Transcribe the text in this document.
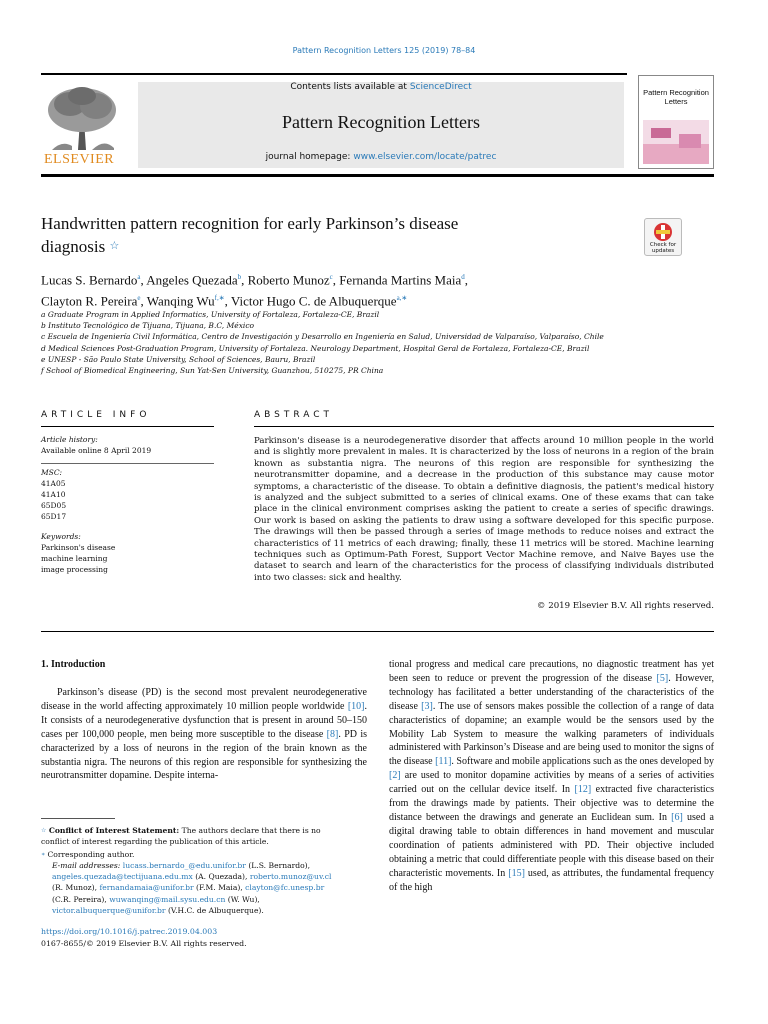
Pattern Recognition Letters 125 (2019) 78–84
ELSEVIER
Contents lists available at ScienceDirect
Pattern Recognition Letters
journal homepage: www.elsevier.com/locate/patrec
Pattern Recognition
Letters
Handwritten pattern recognition for early Parkinson’s disease
diagnosis ☆	Check for updates
Lucas S. Bernardo$^a$, Angeles Quezada$^b$, Roberto Munoz$^c$, Fernanda Martins Maia$^d$,
Clayton R. Pereira$^e$, Wanqing $Wu^{f,∗}$, Victor Hugo C. de Albuquerque$^{a,∗}$
a Graduate Program in Applied Informatics, University of Fortaleza, Fortaleza-CE, Brazil
b Instituto Tecnológico de Tijuana, Tijuana, B.C, México
c Escuela de Ingeniería Civil Informática, Centro de Investigación y Desarrollo en Ingeniería en Salud, Universidad de Valparaíso, Valparaíso, Chile
d Medical Sciences Post-Graduation Program, University of Fortaleza. Neurology Department, Hospital Geral de Fortaleza, Fortaleza-CE, Brazil
e UNESP - São Paulo State University, School of Sciences, Bauru, Brazil
f School of Biomedical Engineering, Sun Yat-Sen University, Guanzhou, 510275, PR China
ARTICLE INFO
Article history:
Available online 8 April 2019
MSC:
41A05
41A10
65D05
65D17
Keywords:
Parkinson's disease
machine learning
image processing
ABSTRACT
Parkinson's disease is a neurodegenerative disorder that affects around 10 million people in the world and is slightly more prevalent in males. It is characterized by the loss of neurons in a region of the brain known as substantia nigra. The neurons of this region are responsible for synthesizing the neurotransmitter dopamine, and a decrease in the production of this substance may cause motor symptoms, a characteristic of the disease. To obtain a definitive diagnosis, the patient's medical history is analyzed and the subject submitted to a series of clinical exams. One of these exams that can take place in the clinical environment comprises asking the patient to create a series of specific drawings. Our work is based on asking the patients to draw using a software developed for this specific purpose. The drawings will then be passed through a series of image methods to reduce noises and extract the characteristics of 11 metrics of each drawing; finally, these 11 metrics will be stored. Machine learning techniques such as Optimum-Path Forest, Support Vector Machine remove, and Naive Bayes use the dataset to search and learn of the characteristics for the process of classifying individuals distributed into two classes: sick and healthy.
© 2019 Elsevier B.V. All rights reserved.
1. Introduction
Parkinson’s disease (PD) is the second most prevalent neurodegenerative disease in the world affecting approximately 10 million people worldwide [10]. It consists of a neurodegenerative dysfunction that is present in around 50–150 cases per 100,000 people, men being more susceptible to the disease [8]. PD is characterized by a loss of neurons in the region of the brain known as the substantia nigra. The neurons of this region are responsible for synthesizing the neurotransmitter dopamine. Despite interna-
tional progress and medical care precautions, no diagnostic treatment has yet been seen to reduce or prevent the progression of the disease [5]. However, technology has facilitated a better understanding of the characteristics of the disease [3]. The use of sensors makes possible the collection of a range of data characteristics of dopamine; an example would be the sensors used by the Mobility Lab System to measure the walking parameters of individuals administered with Parkinson’s Disease and are being used to monitor the signs of the disease [11]. Software and mobile applications such as the ones developed by [2] are used to monitor dopamine activities by means of a series of activities carried out on the cellular device itself. In [12] extracted five characteristics from the drawings made by patients. Their objective was to determine the distance between the drawings and generate an Euclidean sum. In [6] used a digital drawing table to obtain differences in hand movement and muscular coordination of patients administered with PD. Their objective included obtaining a metric that could differentiate people with this disease based on their characteristic movements. In [15] used, as attributes, the fundamental frequency of the high
☆ Conflict of Interest Statement: The authors declare that there is no conflict of interest regarding the publication of this article.
∗ Corresponding author.
E-mail addresses: lucass.bernardo_@edu.unifor.br (L.S. Bernardo), angeles.quezada@tectijuana.edu.mx (A. Quezada), roberto.munoz@uv.cl (R. Munoz), fernandamaia@unifor.br (F.M. Maia), clayton@fc.unesp.br (C.R. Pereira), wuwanqing@mail.sysu.edu.cn (W. Wu), victor.albuquerque@unifor.br (V.H.C. de Albuquerque).
https://doi.org/10.1016/j.patrec.2019.04.003
0167-8655/© 2019 Elsevier B.V. All rights reserved.
